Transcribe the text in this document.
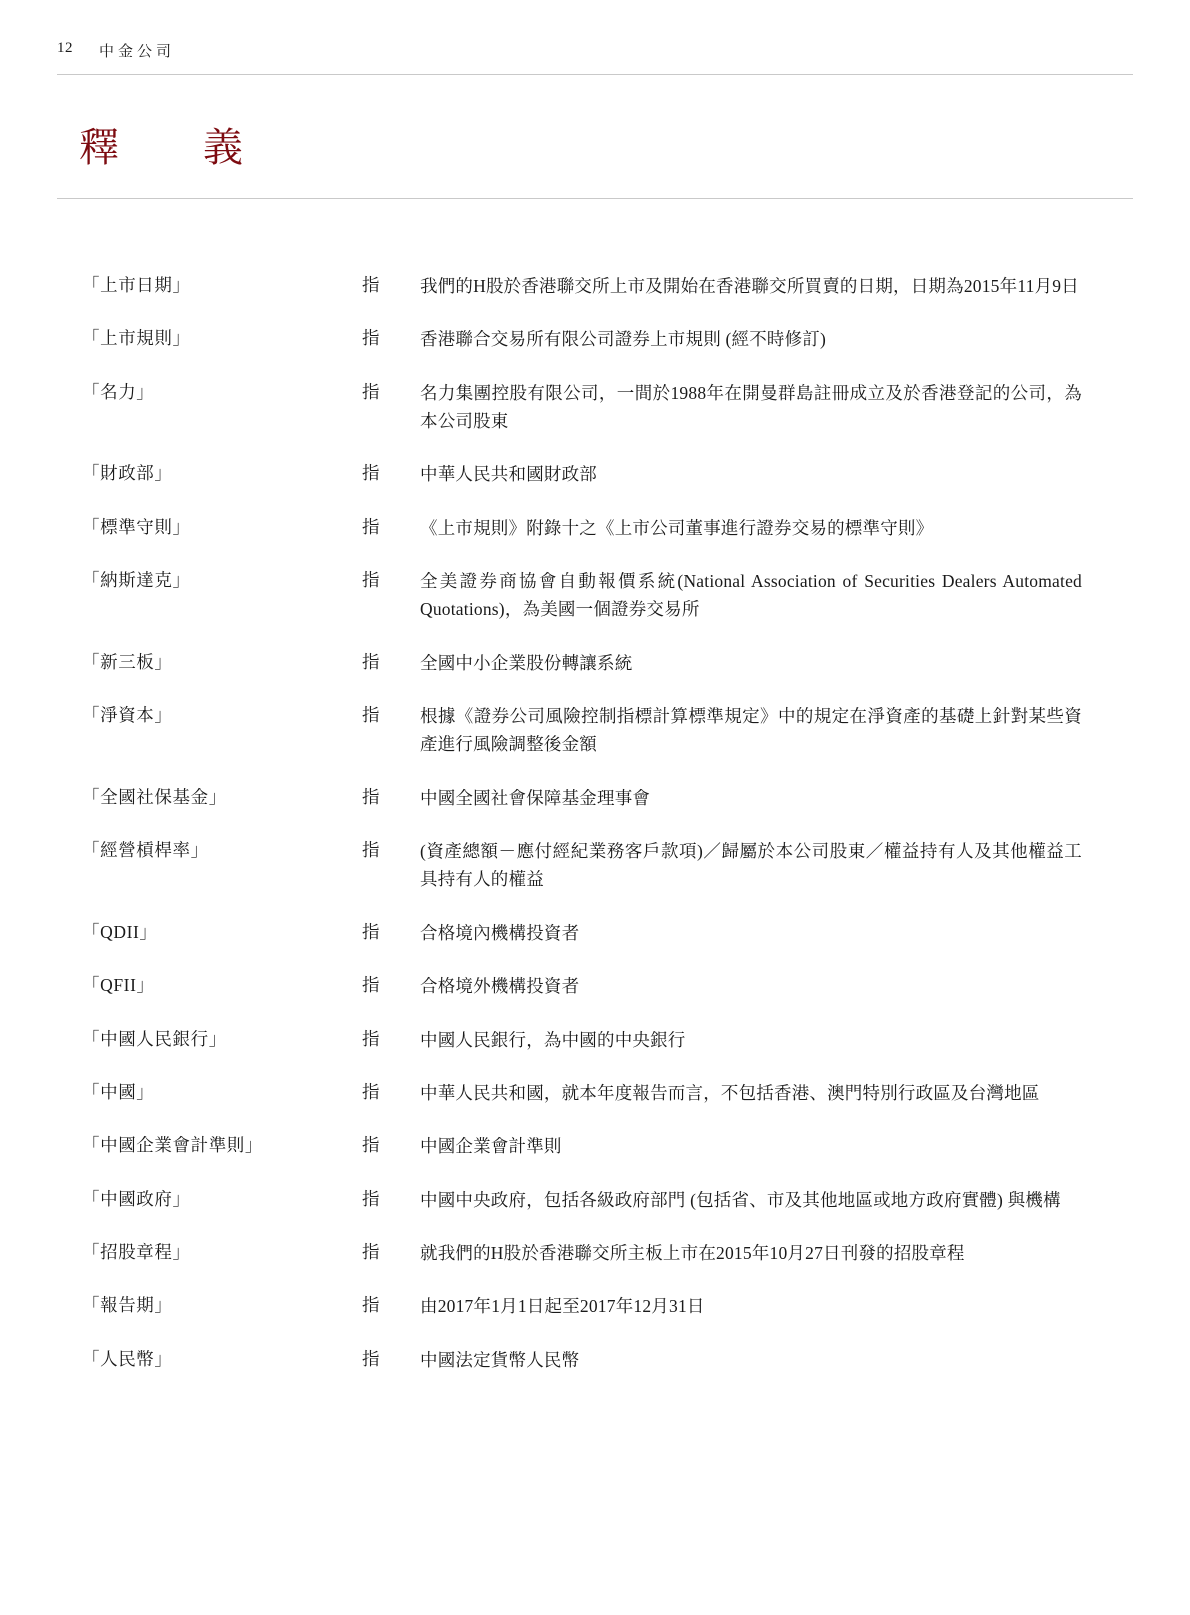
12 中金公司
釋　義
「上市日期」	指	我們的H股於香港聯交所上市及開始在香港聯交所買賣的日期，日期為2015年11月9日
「上市規則」	指	香港聯合交易所有限公司證券上市規則 (經不時修訂)
「名力」	指	名力集團控股有限公司，一間於1988年在開曼群島註冊成立及於香港登記的公司，為本公司股東
「財政部」	指	中華人民共和國財政部
「標準守則」	指	《上市規則》附錄十之《上市公司董事進行證券交易的標準守則》
「納斯達克」	指	全美證券商協會自動報價系統(National Association of Securities Dealers Automated Quotations)，為美國一個證券交易所
「新三板」	指	全國中小企業股份轉讓系統
「淨資本」	指	根據《證券公司風險控制指標計算標準規定》中的規定在淨資產的基礎上針對某些資產進行風險調整後金額
「全國社保基金」	指	中國全國社會保障基金理事會
「經營槓桿率」	指	(資產總額－應付經紀業務客戶款項)／歸屬於本公司股東／權益持有人及其他權益工具持有人的權益
「QDII」	指	合格境內機構投資者
「QFII」	指	合格境外機構投資者
「中國人民銀行」	指	中國人民銀行，為中國的中央銀行
「中國」	指	中華人民共和國，就本年度報告而言，不包括香港、澳門特別行政區及台灣地區
「中國企業會計準則」	指	中國企業會計準則
「中國政府」	指	中國中央政府，包括各級政府部門 (包括省、市及其他地區或地方政府實體) 與機構
「招股章程」	指	就我們的H股於香港聯交所主板上市在2015年10月27日刊發的招股章程
「報告期」	指	由2017年1月1日起至2017年12月31日
「人民幣」	指	中國法定貨幣人民幣
